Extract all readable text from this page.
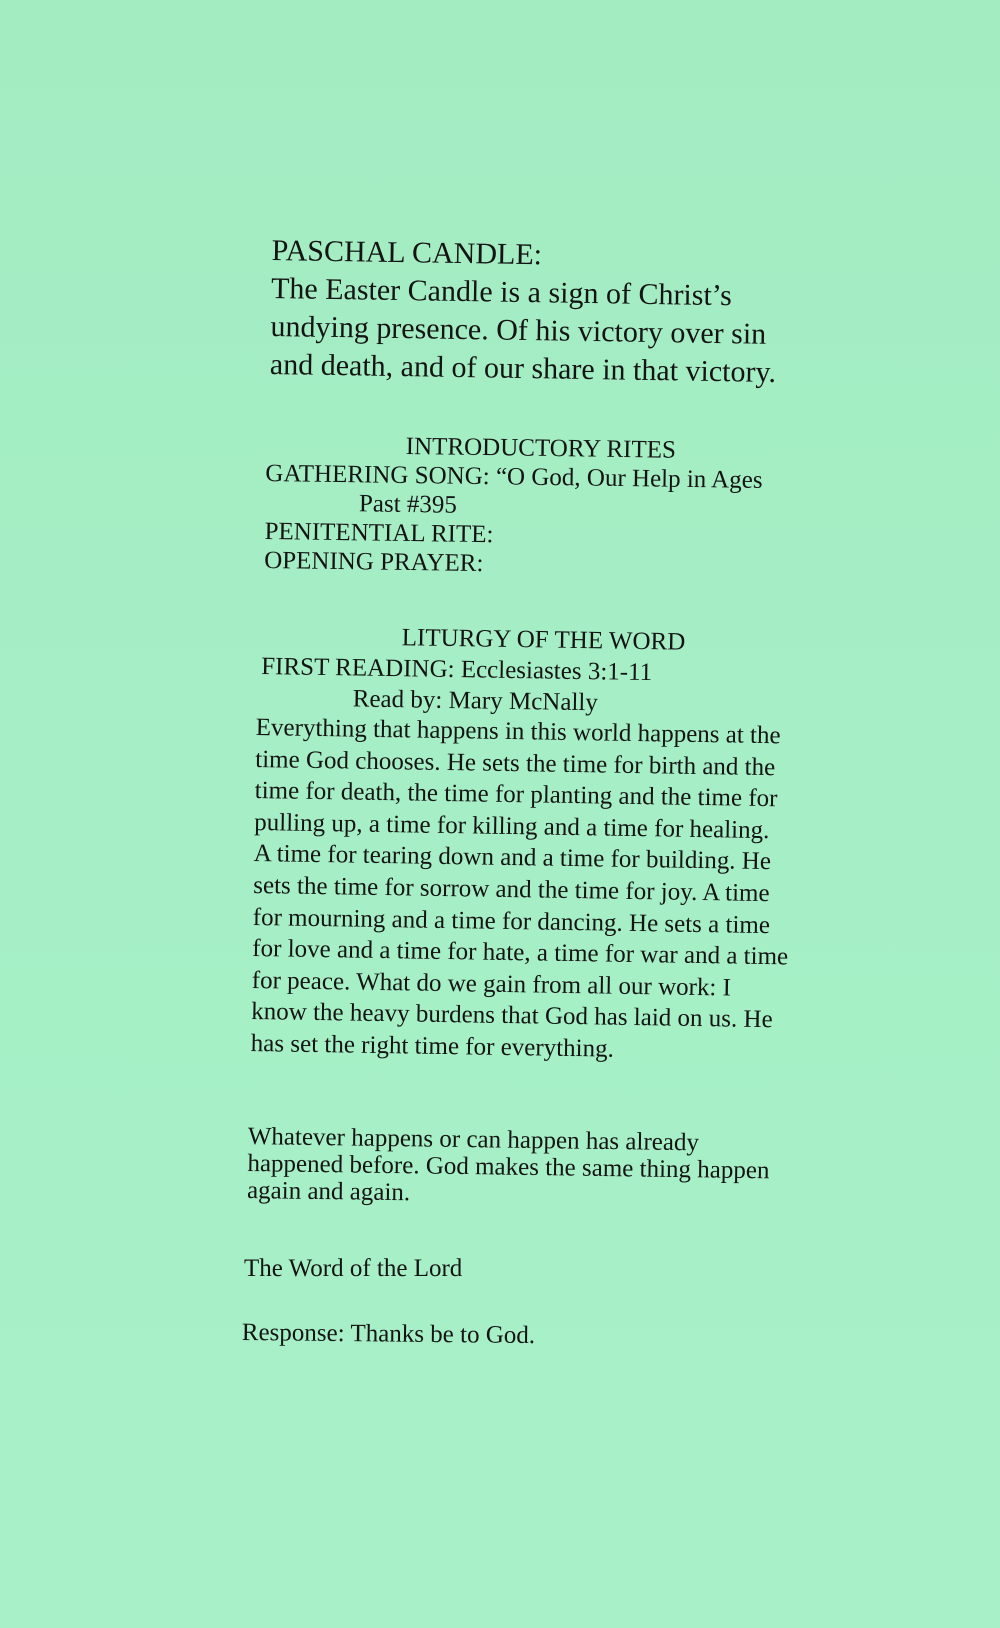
PASCHAL CANDLE:
The Easter Candle is a sign of Christ’s
undying presence. Of his victory over sin
and death, and of our share in that victory.
INTRODUCTORY RITES
GATHERING SONG: “O God, Our Help in Ages
Past #395
PENITENTIAL RITE:
OPENING PRAYER:
LITURGY OF THE WORD
FIRST READING: Ecclesiastes 3:1-11
Read by: Mary McNally
Everything that happens in this world happens at the
time God chooses. He sets the time for birth and the
time for death, the time for planting and the time for
pulling up, a time for killing and a time for healing.
A time for tearing down and a time for building. He
sets the time for sorrow and the time for joy. A time
for mourning and a time for dancing. He sets a time
for love and a time for hate, a time for war and a time
for peace. What do we gain from all our work: I
know the heavy burdens that God has laid on us. He
has set the right time for everything.
Whatever happens or can happen has already
happened before. God makes the same thing happen
again and again.
The Word of the Lord
Response: Thanks be to God.
